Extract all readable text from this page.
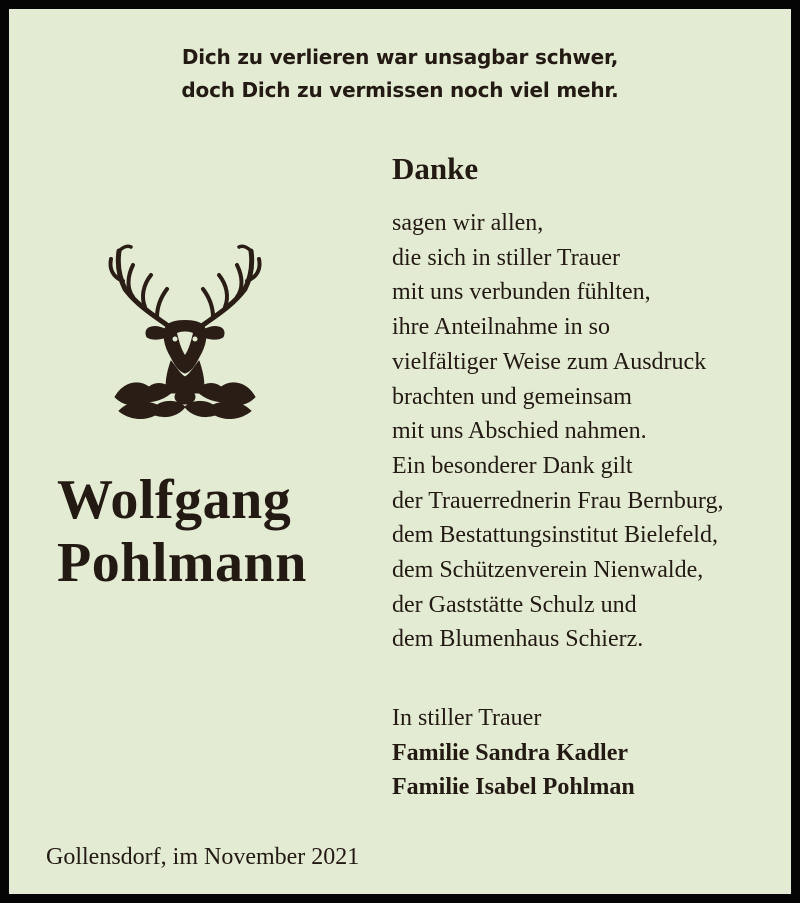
Dich zu verlieren war unsagbar schwer,
doch Dich zu vermissen noch viel mehr.
Wolfgang
Pohlmann
Danke
sagen wir allen,
die sich in stiller Trauer
mit uns verbunden fühlten,
ihre Anteilnahme in so
vielfältiger Weise zum Ausdruck
brachten und gemeinsam
mit uns Abschied nahmen.
Ein besonderer Dank gilt
der Trauerrednerin Frau Bernburg,
dem Bestattungsinstitut Bielefeld,
dem Schützenverein Nienwalde,
der Gaststätte Schulz und
dem Blumenhaus Schierz.
In stiller Trauer
Familie Sandra Kadler
Familie Isabel Pohlman
Gollensdorf, im November 2021
